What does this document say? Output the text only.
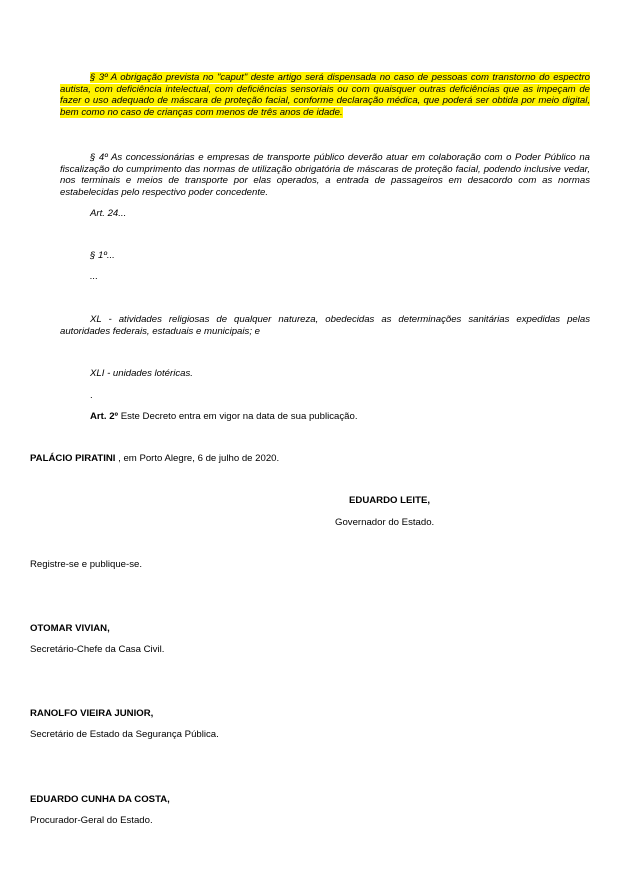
§ 3º A obrigação prevista no "caput" deste artigo será dispensada no caso de pessoas com transtorno do espectro autista, com deficiência intelectual, com deficiências sensoriais ou com quaisquer outras deficiências que as impeçam de fazer o uso adequado de máscara de proteção facial, conforme declaração médica, que poderá ser obtida por meio digital, bem como no caso de crianças com menos de três anos de idade.
§ 4º As concessionárias e empresas de transporte público deverão atuar em colaboração com o Poder Público na fiscalização do cumprimento das normas de utilização obrigatória de máscaras de proteção facial, podendo inclusive vedar, nos terminais e meios de transporte por elas operados, a entrada de passageiros em desacordo com as normas estabelecidas pelo respectivo poder concedente.
Art. 24...
§ 1º...
...
XL - atividades religiosas de qualquer natureza, obedecidas as determinações sanitárias expedidas pelas autoridades federais, estaduais e municipais; e
XLI - unidades lotéricas.
.
Art. 2º Este Decreto entra em vigor na data de sua publicação.
PALÁCIO PIRATINI , em Porto Alegre, 6 de julho de 2020.
EDUARDO LEITE,
Governador do Estado.
Registre-se e publique-se.
OTOMAR VIVIAN,
Secretário-Chefe da Casa Civil.
RANOLFO VIEIRA JUNIOR,
Secretário de Estado da Segurança Pública.
EDUARDO CUNHA DA COSTA,
Procurador-Geral do Estado.
